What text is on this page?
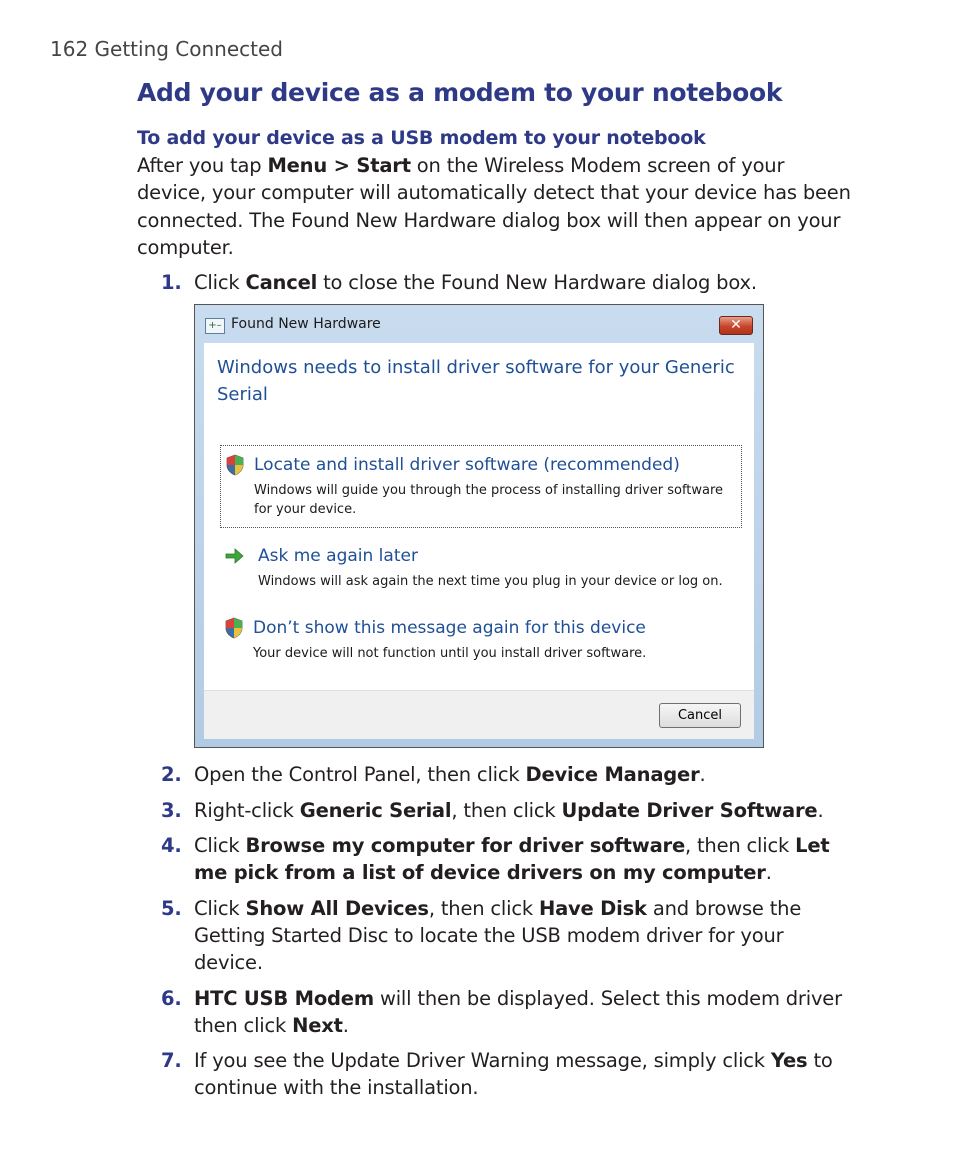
162 Getting Connected
Add your device as a modem to your notebook
To add your device as a USB modem to your notebook

After you tap Menu > Start on the Wireless Modem screen of your device, your computer will automatically detect that your device has been connected. The Found New Hardware dialog box will then appear on your computer.

1. Click Cancel to close the Found New Hardware dialog box.
2. Open the Control Panel, then click Device Manager.
3. Right-click Generic Serial, then click Update Driver Software.
4. Click Browse my computer for driver software, then click Let me pick from a list of device drivers on my computer.
5. Click Show All Devices, then click Have Disk and browse the Getting Started Disc to locate the USB modem driver for your device.
6. HTC USB Modem will then be displayed. Select this modem driver then click Next.
7. If you see the Update Driver Warning message, simply click Yes to continue with the installation.
+– Found New Hardware	✕
Windows needs to install driver software for your Generic Serial
Locate and install driver software (recommended)
Windows will guide you through the process of installing driver software for your device.
Ask me again later
Windows will ask again the next time you plug in your device or log on.
Don’t show this message again for this device
Your device will not function until you install driver software.
Cancel
